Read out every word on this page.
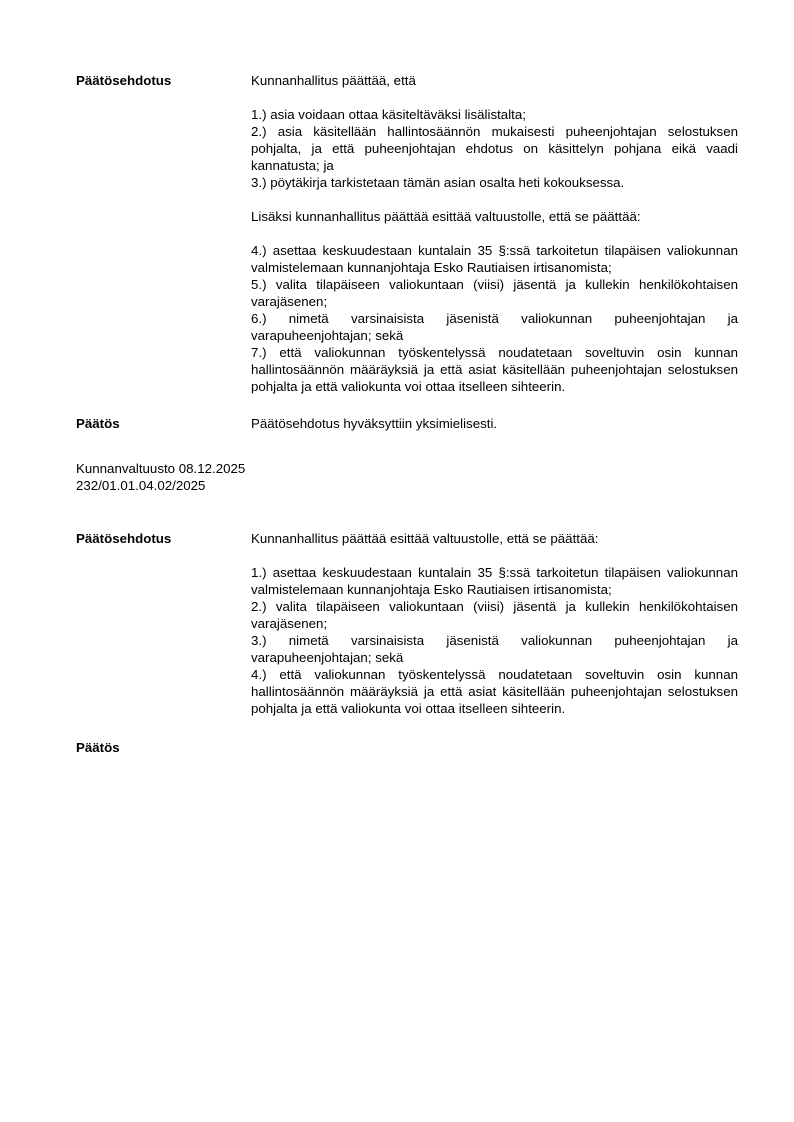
Päätösehdotus	Kunnanhallitus päättää, että

1.) asia voidaan ottaa käsiteltäväksi lisälistalta;

2.) asia käsitellään hallintosäännön mukaisesti puheenjohtajan selostuksen pohjalta, ja että puheenjohtajan ehdotus on käsittelyn pohjana eikä vaadi kannatusta; ja

3.) pöytäkirja tarkistetaan tämän asian osalta heti kokouksessa.

Lisäksi kunnanhallitus päättää esittää valtuustolle, että se päättää:

4.) asettaa keskuudestaan kuntalain 35 §:ssä tarkoitetun tilapäisen valiokunnan valmistelemaan kunnanjohtaja Esko Rautiaisen irtisanomista;

5.) valita tilapäiseen valiokuntaan (viisi) jäsentä ja kullekin henkilökohtaisen varajäsenen;

6.) nimetä varsinaisista jäsenistä valiokunnan puheenjohtajan ja varapuheenjohtajan; sekä

7.) että valiokunnan työskentelyssä noudatetaan soveltuvin osin kunnan hallintosäännön määräyksiä ja että asiat käsitellään puheenjohtajan selostuksen pohjalta ja että valiokunta voi ottaa itselleen sihteerin.

Päätös	Päätösehdotus hyväksyttiin yksimielisesti.

Kunnanvaltuusto 08.12.2025

232/01.01.04.02/2025

Päätösehdotus	Kunnanhallitus päättää esittää valtuustolle, että se päättää:

1.) asettaa keskuudestaan kuntalain 35 §:ssä tarkoitetun tilapäisen valiokunnan valmistelemaan kunnanjohtaja Esko Rautiaisen irtisanomista;

2.) valita tilapäiseen valiokuntaan (viisi) jäsentä ja kullekin henkilökohtaisen varajäsenen;

3.) nimetä varsinaisista jäsenistä valiokunnan puheenjohtajan ja varapuheenjohtajan; sekä

4.) että valiokunnan työskentelyssä noudatetaan soveltuvin osin kunnan hallintosäännön määräyksiä ja että asiat käsitellään puheenjohtajan selostuksen pohjalta ja että valiokunta voi ottaa itselleen sihteerin.

Päätös
